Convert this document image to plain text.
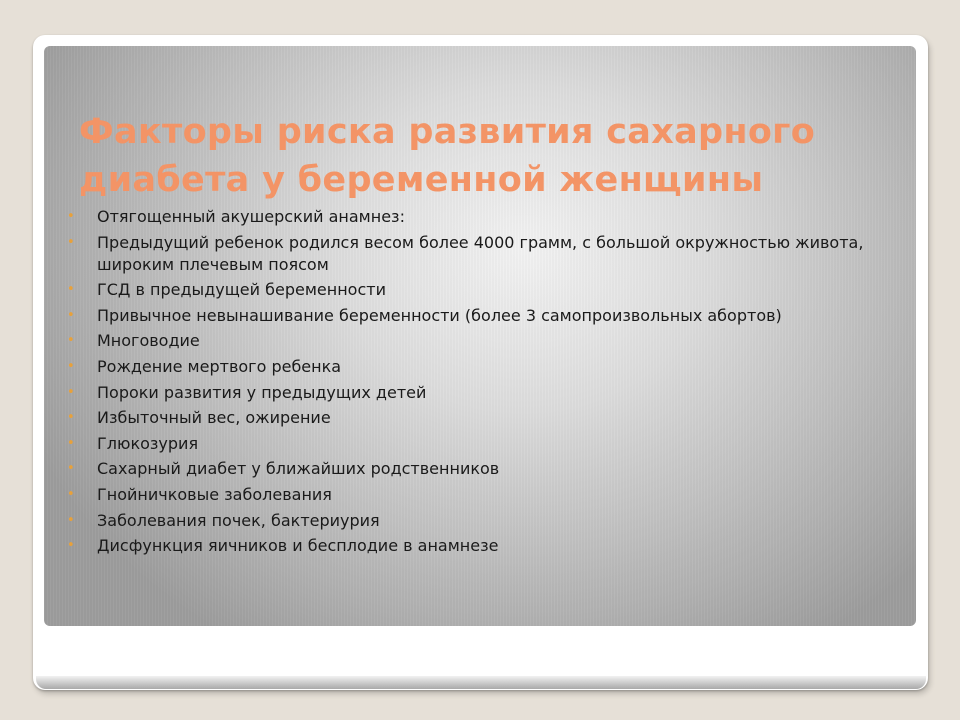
Факторы риска развития сахарного диабета у беременной женщины
• Отягощенный акушерский анамнез:
• Предыдущий ребенок родился весом более 4000 грамм, с большой окружностью живота, широким плечевым поясом
• ГСД в предыдущей беременности
• Привычное невынашивание беременности (более 3 самопроизвольных абортов)
• Многоводие
• Рождение мертвого ребенка
• Пороки развития у предыдущих детей
• Избыточный вес, ожирение
• Глюкозурия
• Сахарный диабет у ближайших родственников
• Гнойничковые заболевания
• Заболевания почек, бактериурия
• Дисфункция яичников и бесплодие в анамнезе
